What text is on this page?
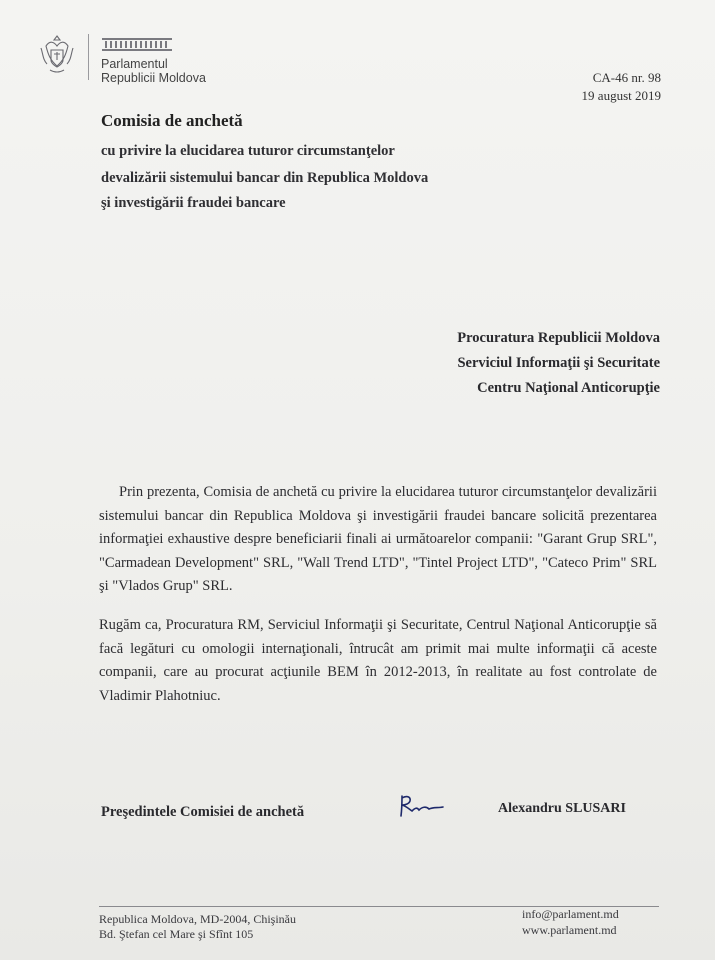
Parlamentul
Republicii Moldova	CA-46 nr. 98
19 august 2019
Comisia de anchetă
cu privire la elucidarea tuturor circumstanţelor
devalizării sistemului bancar din Republica Moldova
şi investigării fraudei bancare
Procuratura Republicii Moldova
Serviciul Informaţii şi Securitate
Centru Naţional Anticorupţie
Prin prezenta, Comisia de anchetă cu privire la elucidarea tuturor circumstanţelor devalizării sistemului bancar din Republica Moldova şi investigării fraudei bancare solicită prezentarea informaţiei exhaustive despre beneficiarii finali ai următoarelor companii: "Garant Grup SRL", "Carmadean Development" SRL, "Wall Trend LTD", "Tintel Project LTD", "Cateco Prim" SRL şi "Vlados Grup" SRL.
Rugăm ca, Procuratura RM, Serviciul Informaţii şi Securitate, Centrul Naţional Anticorupţie să facă legături cu omologii internaţionali, întrucât am primit mai multe informaţii că aceste companii, care au procurat acţiunile BEM în 2012-2013, în realitate au fost controlate de Vladimir Plahotniuc.
Preşedintele Comisiei de anchetă	Alexandru SLUSARI
Republica Moldova, MD-2004, Chişinău
Bd. Ştefan cel Mare şi Sfînt 105
info@parlament.md
www.parlament.md
